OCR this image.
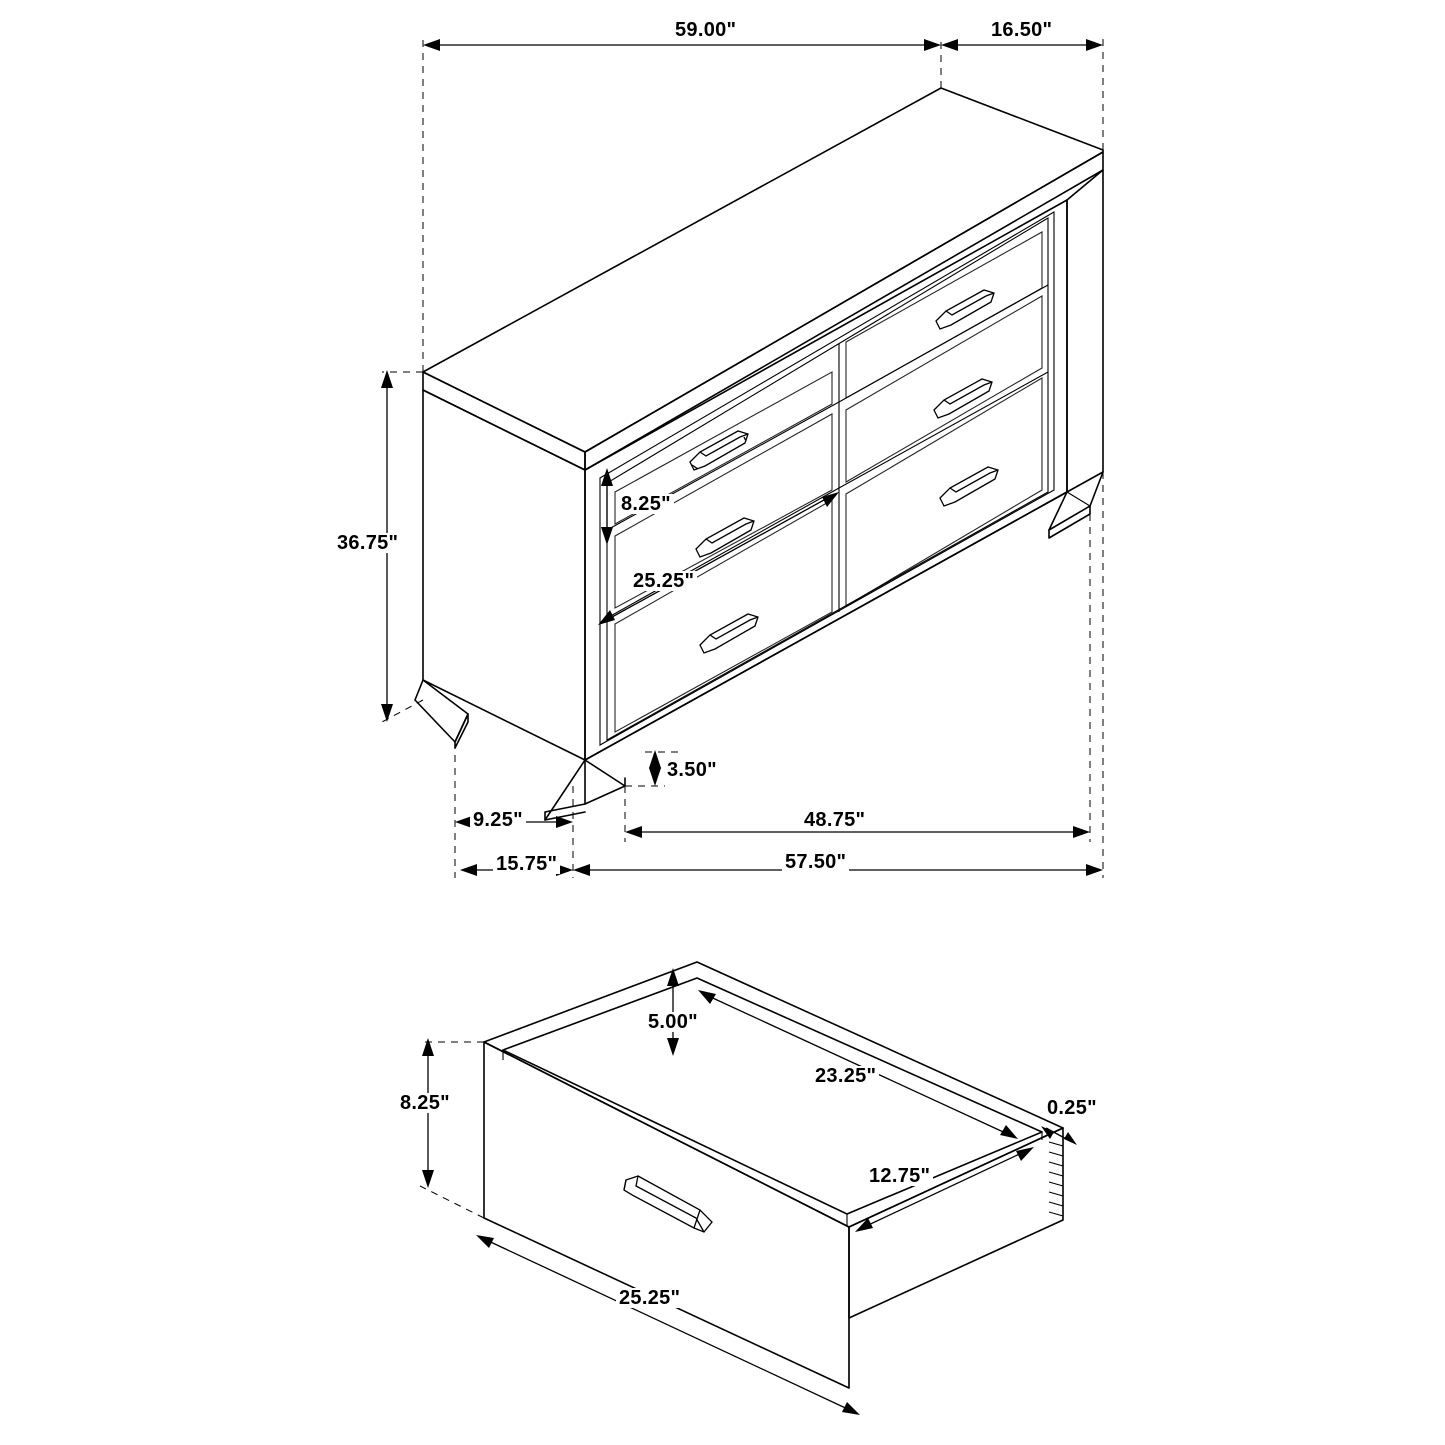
59.00"	16.50"
36.75"
8.25"
25.25"
3.50"
9.25"	48.75"
15.75"	57.50"
5.00"
8.25"
23.25"
12.75"
0.25"
25.25"
